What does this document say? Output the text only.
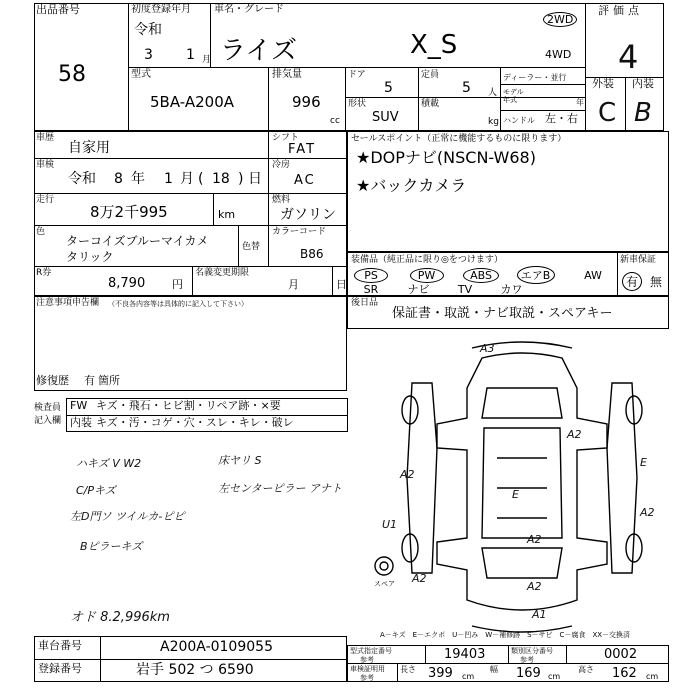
出品番号
58
初度登録年月
令和
3 1 月
車名・グレード
ライズ	X_S
2WD
4WD
評価点
4
外装 内装
C B
型式
5BA-A200A
排気量
996
cc
ドア
5
定員
5 人
ディーラー・並行
モデル年式	年
形状
SUV
積載
kg ハンドル 左・右
車歴
自家用
シフト
FAT
車検
令和 8 年 1 月 ( 18 ) 日
冷房
AC
走行
8万2千995	km
燃料
ガソリン
色
ターコイズブルーマイカメ
タリック
色替
カラーコード
B86
R券
8,790 円
名義変更期限
月	日
セールスポイント（正常に機能するものに限ります）
★DOPナビ(NSCN-W68)
★バックカメラ
装備品（純正品に限り◎をつけます）
PS	PW	ABS	エアB	AW
SR	ナビ	TV	カワ
新車保証
有 無
後日品
保証書・取説・ナビ取説・スペアキー
注意事項申告欄 （不良各内容等は具体的に記入して下さい）
修復歴 有 箇所
検査員
記入欄
FW キズ・飛石・ヒビ割・リペア跡・×要
内装 キズ・汚・コゲ・穴・スレ・キレ・破レ
ハキズ V W2	床ヤリ S
C/Pキズ	左センターピラー アナト
左D門ソ ツイルカ-ピピ
Bピラーキズ
オド 8.2,996km
A3
A2
A2
E
A2
E
U1
A2
A2
A2
A1
スペア
A－キズ　E－エクボ　U－凹み　W－補修跡　S－サビ　C－腐食　XX－交換済
車台番号	A200A-0109055
登録番号	岩手 502 つ 6590
型式指定番号
参考	19403	類別区分番号
参考	0002
車検証明用
参考
長さ 399 cm
幅 169 cm
高さ 162 cm
